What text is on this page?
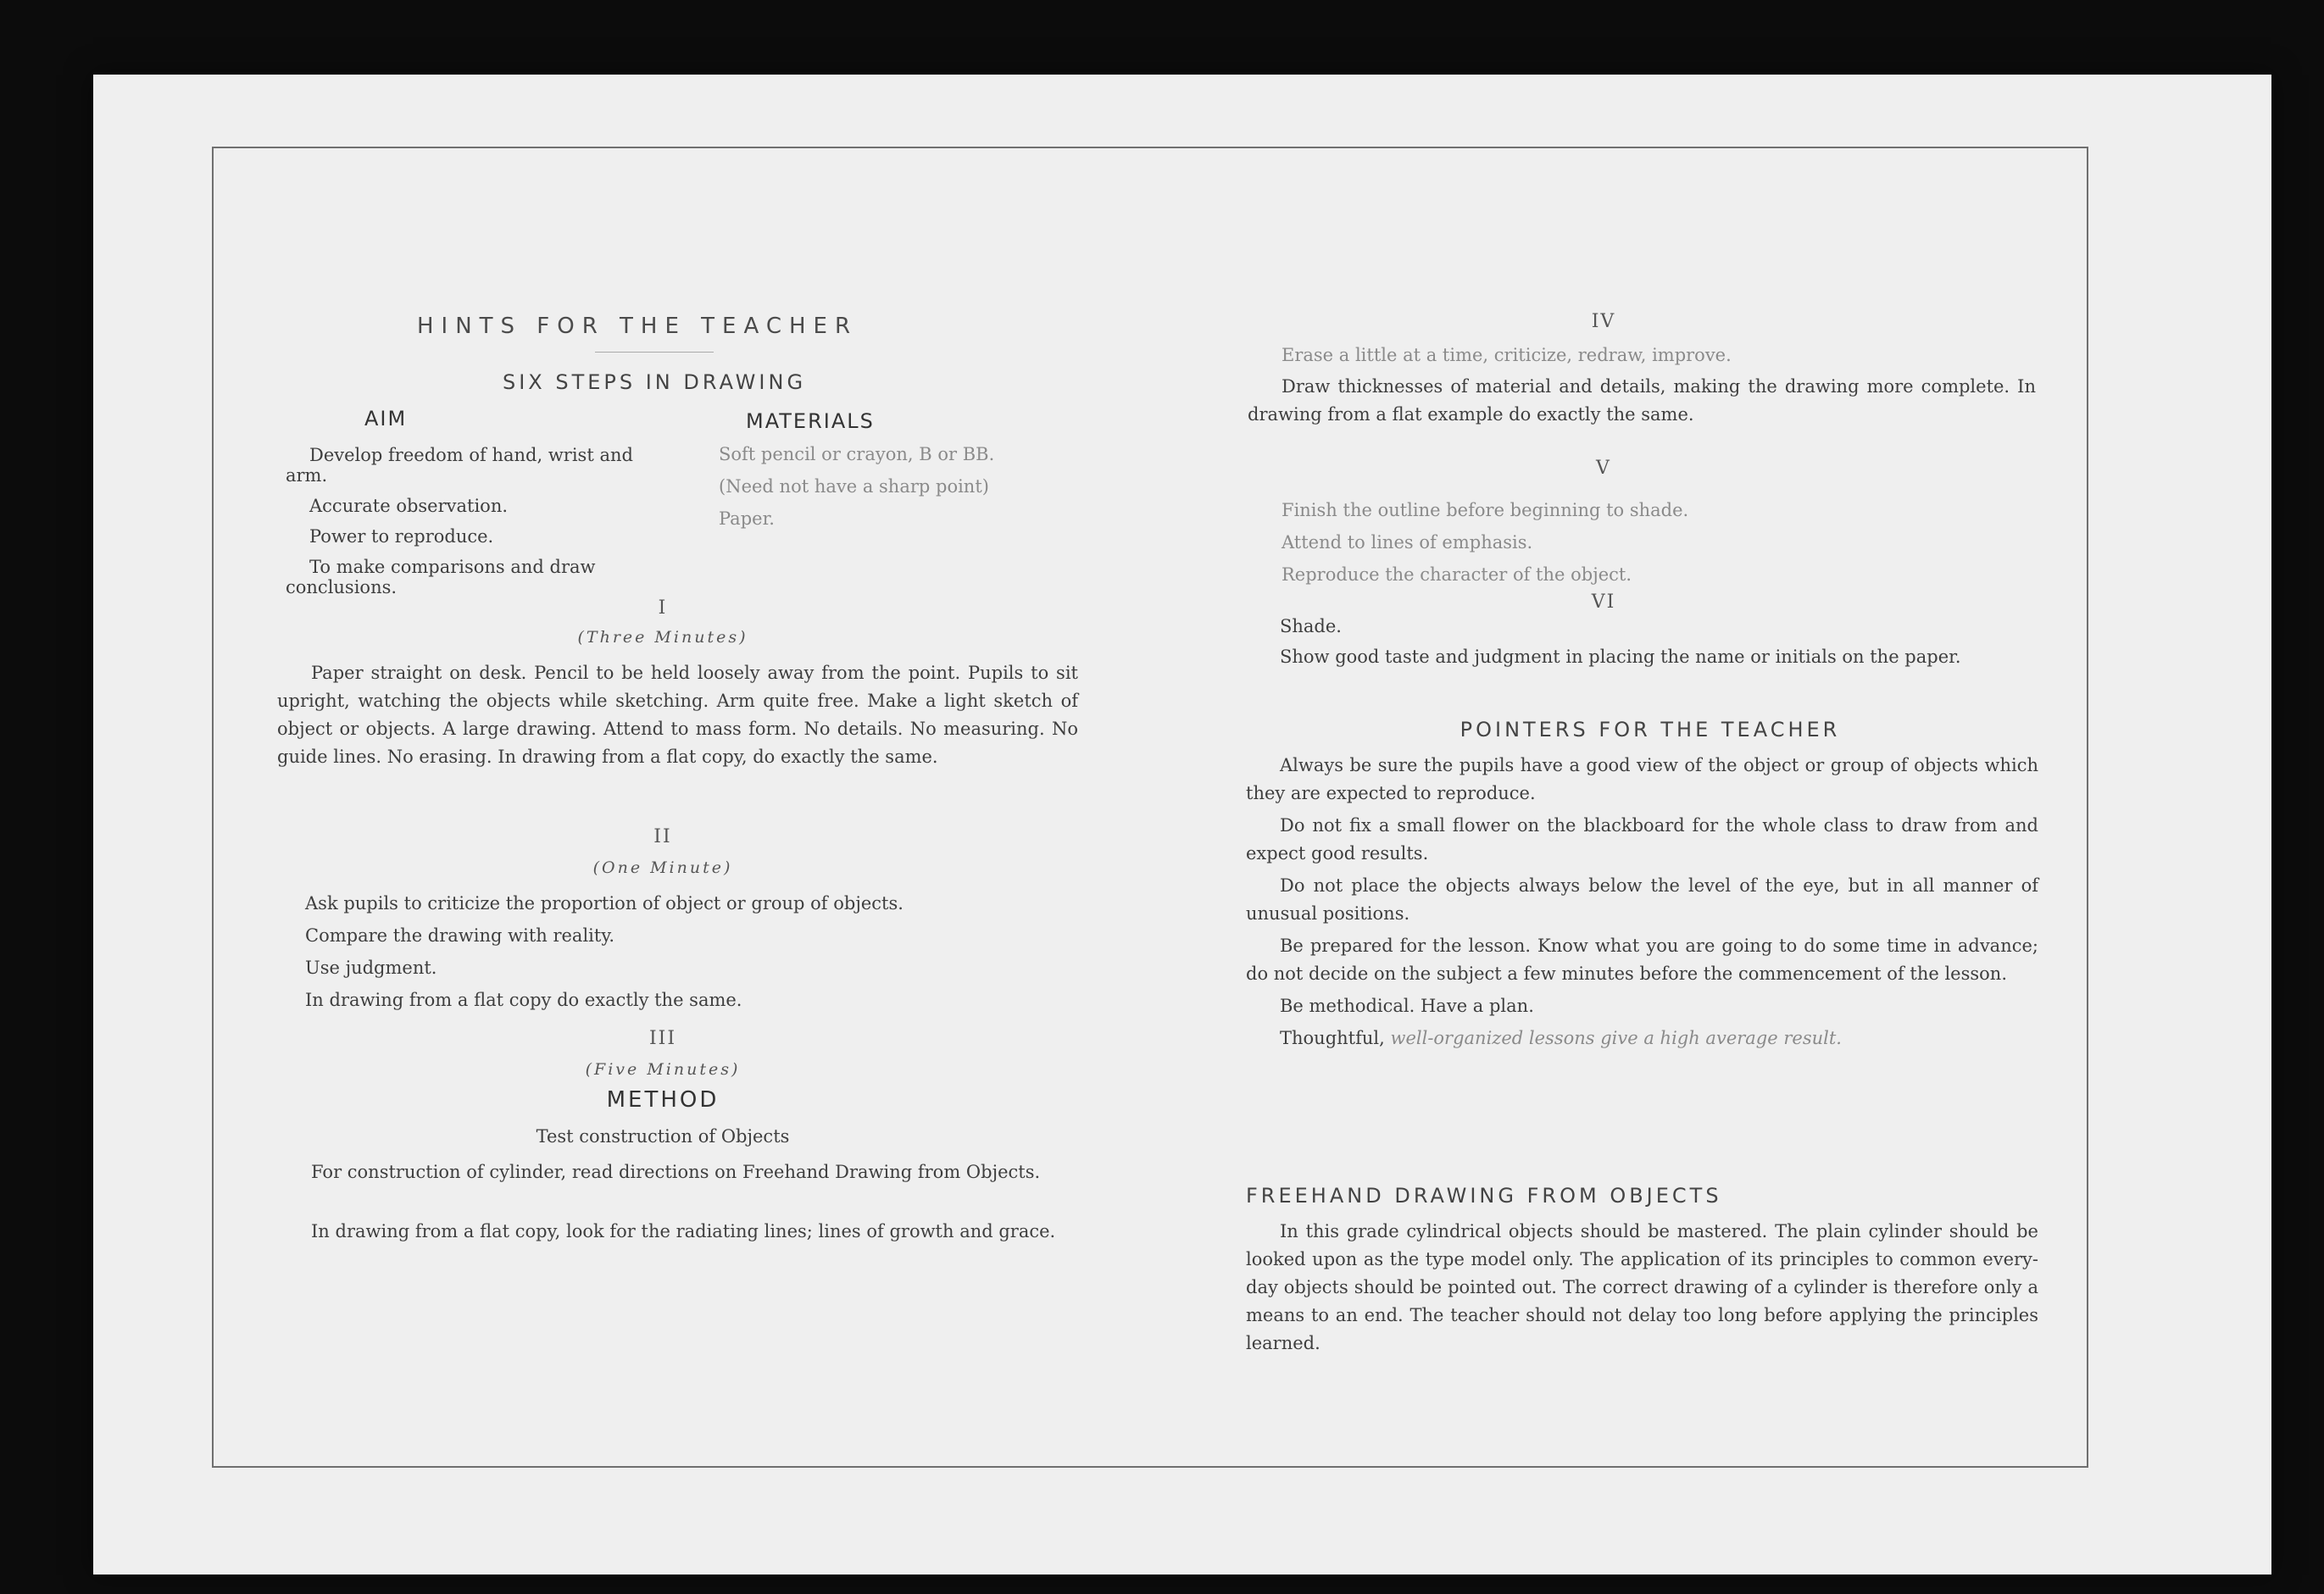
HINTS FOR THE TEACHER
SIX STEPS IN DRAWING
AIM	MATERIALS
Develop freedom of hand, wrist and arm.
Accurate observation.
Power to reproduce.
To make comparisons and draw conclusions.
Soft pencil or crayon, B or BB.
(Need not have a sharp point)
Paper.
I
(Three Minutes)
Paper straight on desk. Pencil to be held loosely away from the point. Pupils to sit upright, watching the objects while sketching. Arm quite free. Make a light sketch of object or objects. A large drawing. Attend to mass form. No details. No measuring. No guide lines. No erasing. In drawing from a flat copy, do exactly the same.
II
(One Minute)
Ask pupils to criticize the proportion of object or group of objects.
Compare the drawing with reality.
Use judgment.
In drawing from a flat copy do exactly the same.
III
(Five Minutes)
METHOD
Test construction of Objects
For construction of cylinder, read directions on Freehand Drawing from Objects.
In drawing from a flat copy, look for the radiating lines; lines of growth and grace.
IV
Erase a little at a time, criticize, redraw, improve.
Draw thicknesses of material and details, making the drawing more complete. In drawing from a flat example do exactly the same.
V
Finish the outline before beginning to shade.
Attend to lines of emphasis.
Reproduce the character of the object.
VI
Shade.
Show good taste and judgment in placing the name or initials on the paper.
POINTERS FOR THE TEACHER
Always be sure the pupils have a good view of the object or group of objects which they are expected to reproduce.
Do not fix a small flower on the blackboard for the whole class to draw from and expect good results.
Do not place the objects always below the level of the eye, but in all manner of unusual positions.
Be prepared for the lesson. Know what you are going to do some time in advance; do not decide on the subject a few minutes before the commencement of the lesson.
Be methodical. Have a plan.
Thoughtful, well-organized lessons give a high average result.
FREEHAND DRAWING FROM OBJECTS
In this grade cylindrical objects should be mastered. The plain cylinder should be looked upon as the type model only. The application of its principles to common every-day objects should be pointed out. The correct drawing of a cylinder is therefore only a means to an end. The teacher should not delay too long before applying the principles learned.
